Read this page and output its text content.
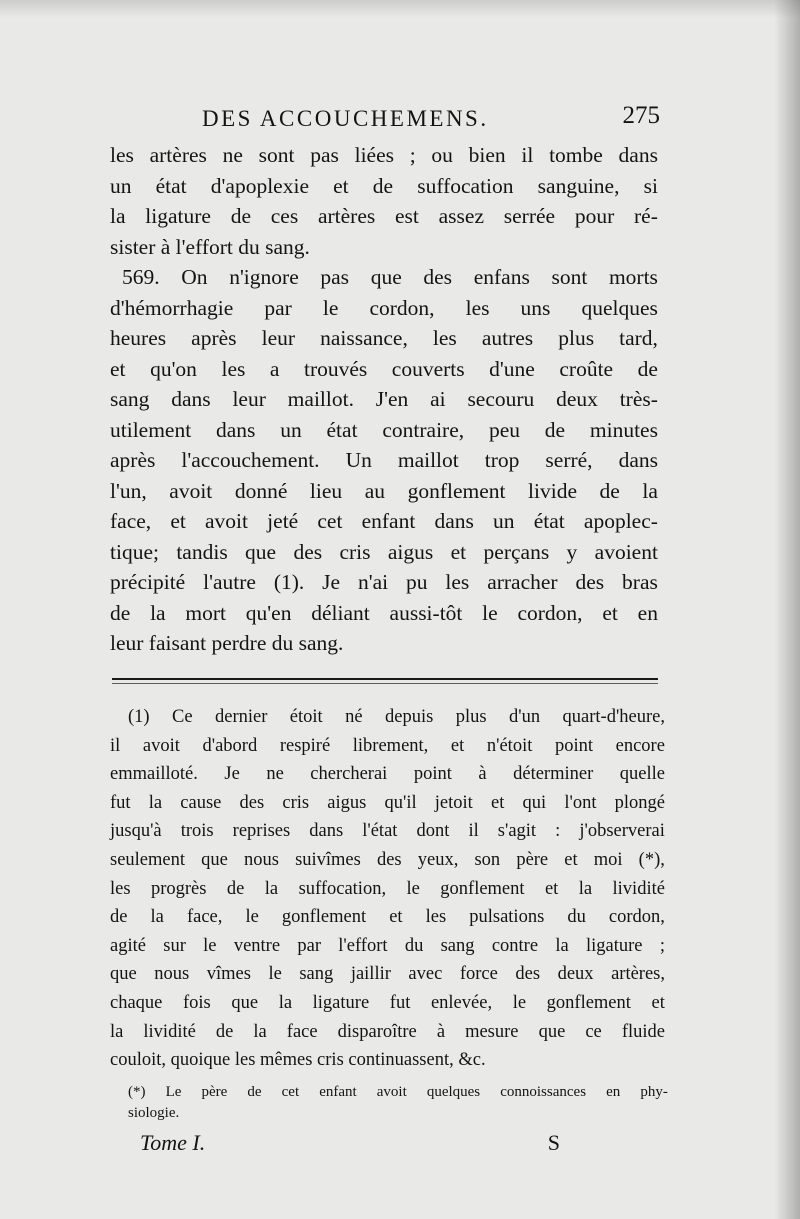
DES ACCOUCHEMENS.	275
les artères ne sont pas liées ; ou bien il tombe dans
un état d'apoplexie et de suffocation sanguine, si
la ligature de ces artères est assez serrée pour ré-
sister à l'effort du sang.
569. On n'ignore pas que des enfans sont morts
d'hémorrhagie par le cordon, les uns quelques
heures après leur naissance, les autres plus tard,
et qu'on les a trouvés couverts d'une croûte de
sang dans leur maillot. J'en ai secouru deux très-
utilement dans un état contraire, peu de minutes
après l'accouchement. Un maillot trop serré, dans
l'un, avoit donné lieu au gonflement livide de la
face, et avoit jeté cet enfant dans un état apoplec-
tique; tandis que des cris aigus et perçans y avoient
précipité l'autre (1). Je n'ai pu les arracher des bras
de la mort qu'en déliant aussi-tôt le cordon, et en
leur faisant perdre du sang.
(1) Ce dernier étoit né depuis plus d'un quart-d'heure,
il avoit d'abord respiré librement, et n'étoit point encore
emmailloté. Je ne chercherai point à déterminer quelle
fut la cause des cris aigus qu'il jetoit et qui l'ont plongé
jusqu'à trois reprises dans l'état dont il s'agit : j'observerai
seulement que nous suivîmes des yeux, son père et moi (*),
les progrès de la suffocation, le gonflement et la lividité
de la face, le gonflement et les pulsations du cordon,
agité sur le ventre par l'effort du sang contre la ligature ;
que nous vîmes le sang jaillir avec force des deux artères,
chaque fois que la ligature fut enlevée, le gonflement et
la lividité de la face disparoître à mesure que ce fluide
couloit, quoique les mêmes cris continuassent, &c.
(*) Le père de cet enfant avoit quelques connoissances en phy-
siologie.
Tome I.	S
